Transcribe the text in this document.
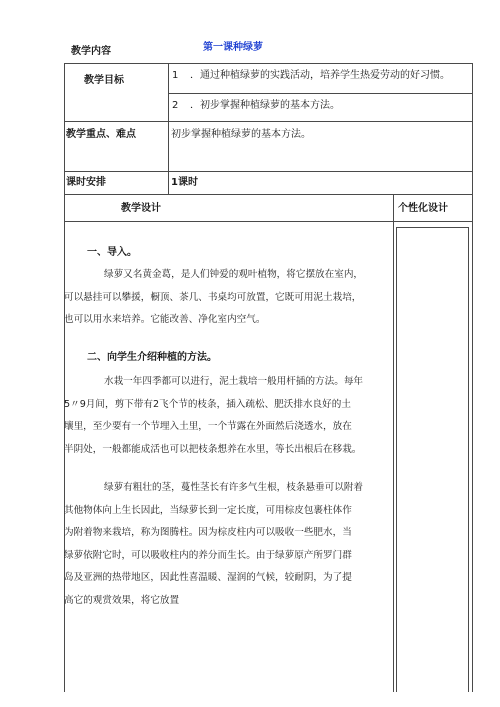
教学内容	第一课种绿萝
教学目标	1 ．通过种植绿萝的实践活动，培养学生热爱劳动的好习惯。
2 ．初步掌握种植绿萝的基本方法。
教学重点、难点	初步掌握种植绿萝的基本方法。
课时安排	1课时
教学设计	个性化设计
一、导入。

绿萝又名黄金葛，是人们钟爱的观叶植物，将它摆放在室内，

可以悬挂可以攀援，橱顶、茶几、书桌均可放置，它既可用泥土栽培，

也可以用水来培养。它能改善、净化室内空气。

二、向学生介绍种植的方法。

水栽一年四季都可以进行，泥土栽培一般用杆插的方法。每年

5〃9月间，剪下带有2飞个节的枝条，插入疏松、肥沃排水良好的土

壤里，至少要有一个节埋入土里，一个节露在外面然后浇透水，放在

半阴处，一般都能成活也可以把枝条想养在水里，等长出根后在移栽。

绿萝有粗壮的茎，蔓性茎长有许多气生根，枝条悬垂可以附着

其他物体向上生长因此，当绿萝长到一定长度，可用棕皮包裹柱体作

为附着物来栽培，称为图腾柱。因为棕皮柱内可以吸收一些肥水，当

绿萝依附它时，可以吸收柱内的养分而生长。由于绿萝原产所罗门群

岛及亚洲的热带地区，因此性喜温暖、湿润的气候，较耐阴，为了提

高它的观赏效果，将它放置
